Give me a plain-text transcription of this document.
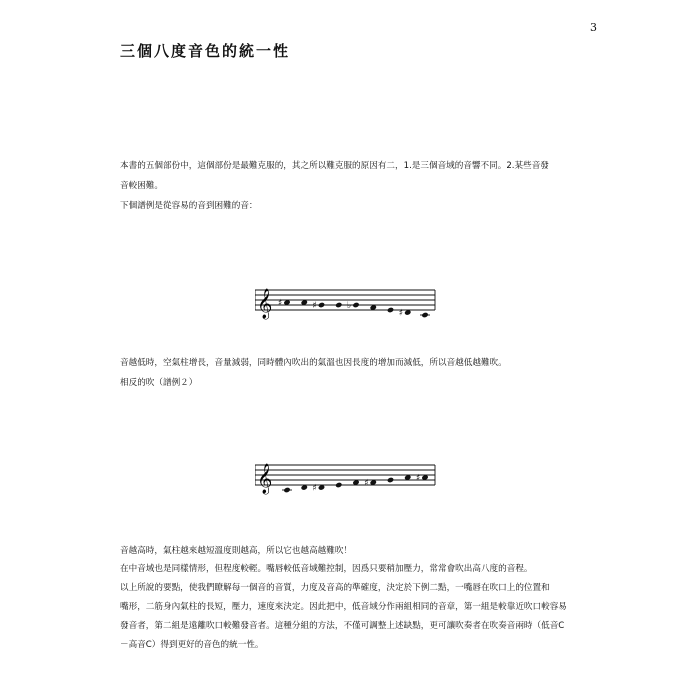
3
三個八度音色的統一性
本書的五個部份中，這個部份是最難克服的，其之所以難克服的原因有二，1.是三個音域的音響不同。2.某些音發
音較困難。
下個譜例是從容易的音到困難的音：
𝄞 ♯	♯	♭
♯
音越低時，空氣柱增長，音量減弱，同時體內吹出的氣溫也因長度的增加而減低，所以音越低越難吹。
相反的吹（譜例２）
𝄞	♯	♯	♯
音越高時，氣柱越來越短溫度則越高，所以它也越高越難吹！
在中音域也是同樣情形，但程度較輕。嘴唇較低音域難控制，因爲只要稍加壓力，常常會吹出高八度的音程。
以上所說的要點，使我們瞭解每一個音的音質，力度及音高的準確度，決定於下例二點，一嘴唇在吹口上的位置和
嘴形，二筋身內氣柱的長短，壓力，速度來決定。因此把中，低音域分作兩組相同的音章，第一組是較靠近吹口較容易
發音者，第二組是遠離吹口較難發音者。這種分組的方法，不僅可調整上述缺點，更可讓吹奏者在吹奏音兩時（低音C
－高音C）得到更好的音色的統一性。
